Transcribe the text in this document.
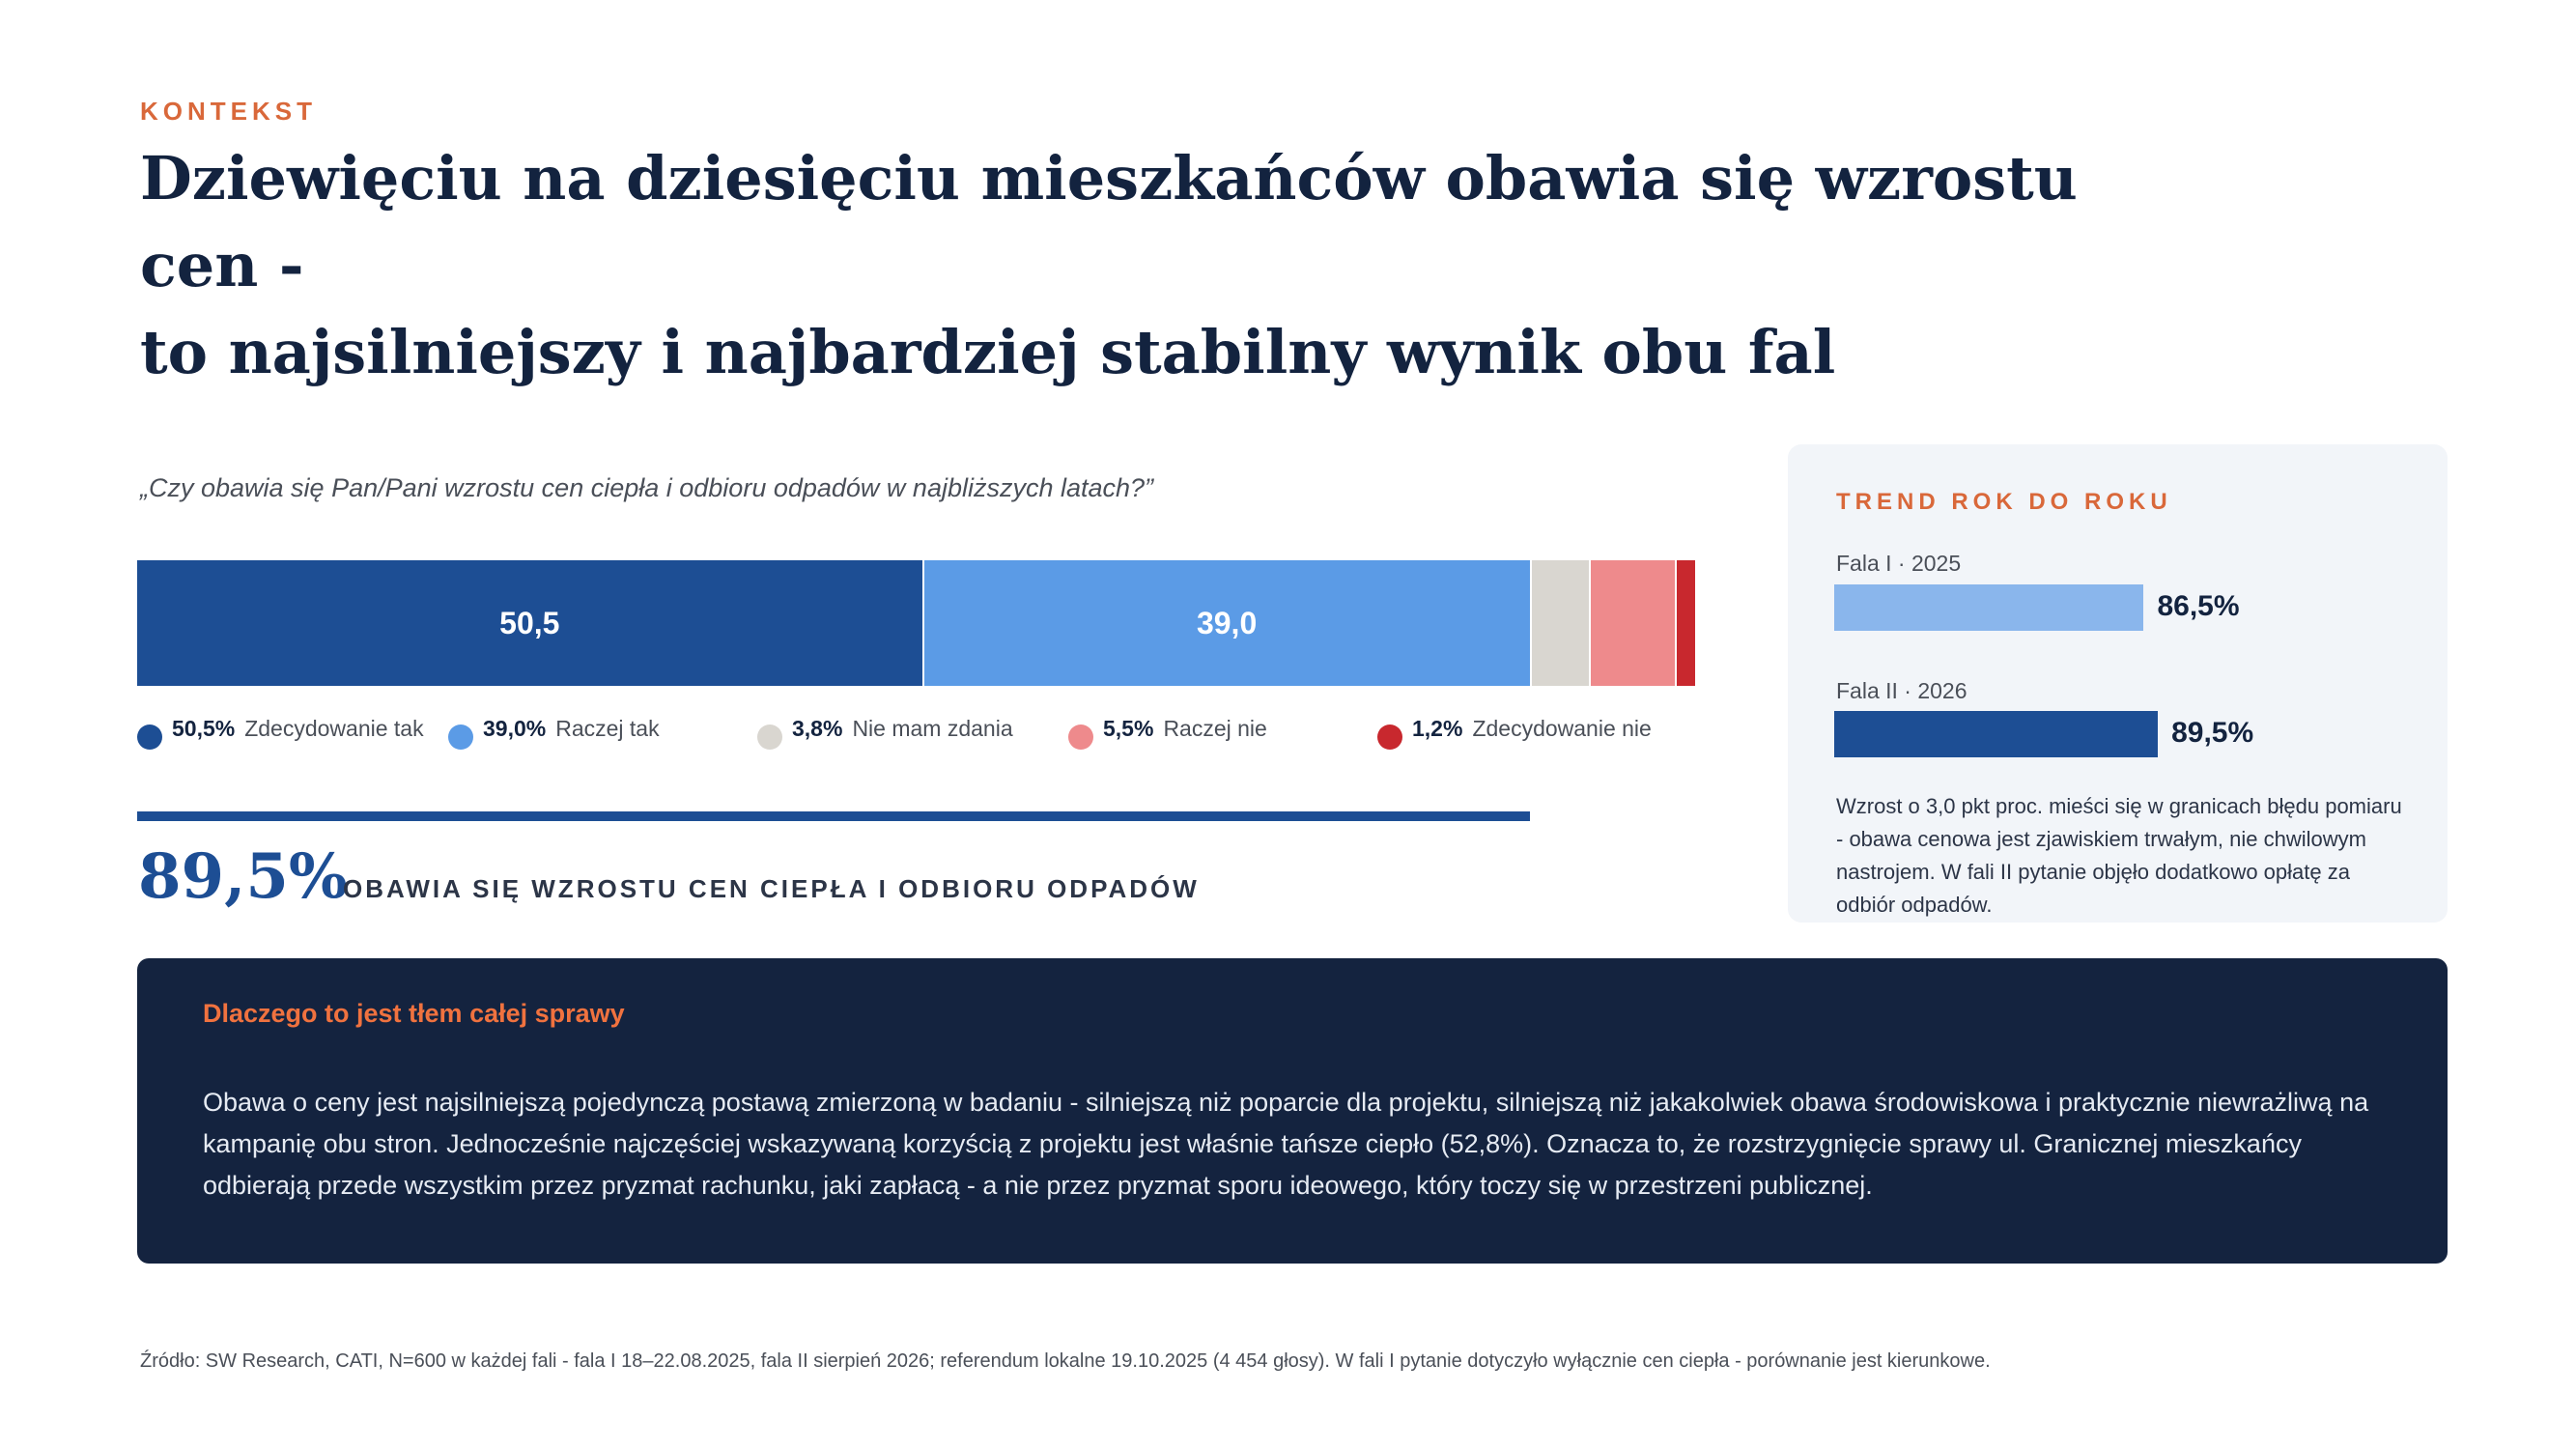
KONTEKST
Dziewięciu na dziesięciu mieszkańców obawia się wzrostu cen -
to najsilniejszy i najbardziej stabilny wynik obu fal
„Czy obawia się Pan/Pani wzrostu cen ciepła i odbioru odpadów w najbliższych latach?”
50,5	39,0
50,5% Zdecydowanie tak	39,0% Raczej tak	3,8% Nie mam zdania	5,5% Raczej nie	1,2% Zdecydowanie nie
89,5%
OBAWIA SIĘ WZROSTU CEN CIEPŁA I ODBIORU ODPADÓW
TREND ROK DO ROKU
Fala I · 2025
86,5%
Fala II · 2026
89,5%
Wzrost o 3,0 pkt proc. mieści się w granicach błędu pomiaru - obawa cenowa jest zjawiskiem trwałym, nie chwilowym nastrojem. W fali II pytanie objęło dodatkowo opłatę za odbiór odpadów.
Dlaczego to jest tłem całej sprawy
Obawa o ceny jest najsilniejszą pojedynczą postawą zmierzoną w badaniu - silniejszą niż poparcie dla projektu, silniejszą niż jakakolwiek obawa środowiskowa i praktycznie niewrażliwą na kampanię obu stron. Jednocześnie najczęściej wskazywaną korzyścią z projektu jest właśnie tańsze ciepło (52,8%). Oznacza to, że rozstrzygnięcie sprawy ul. Granicznej mieszkańcy odbierają przede wszystkim przez pryzmat rachunku, jaki zapłacą - a nie przez pryzmat sporu ideowego, który toczy się w przestrzeni publicznej.
Źródło: SW Research, CATI, N=600 w każdej fali - fala I 18–22.08.2025, fala II sierpień 2026; referendum lokalne 19.10.2025 (4 454 głosy). W fali I pytanie dotyczyło wyłącznie cen ciepła - porównanie jest kierunkowe.
